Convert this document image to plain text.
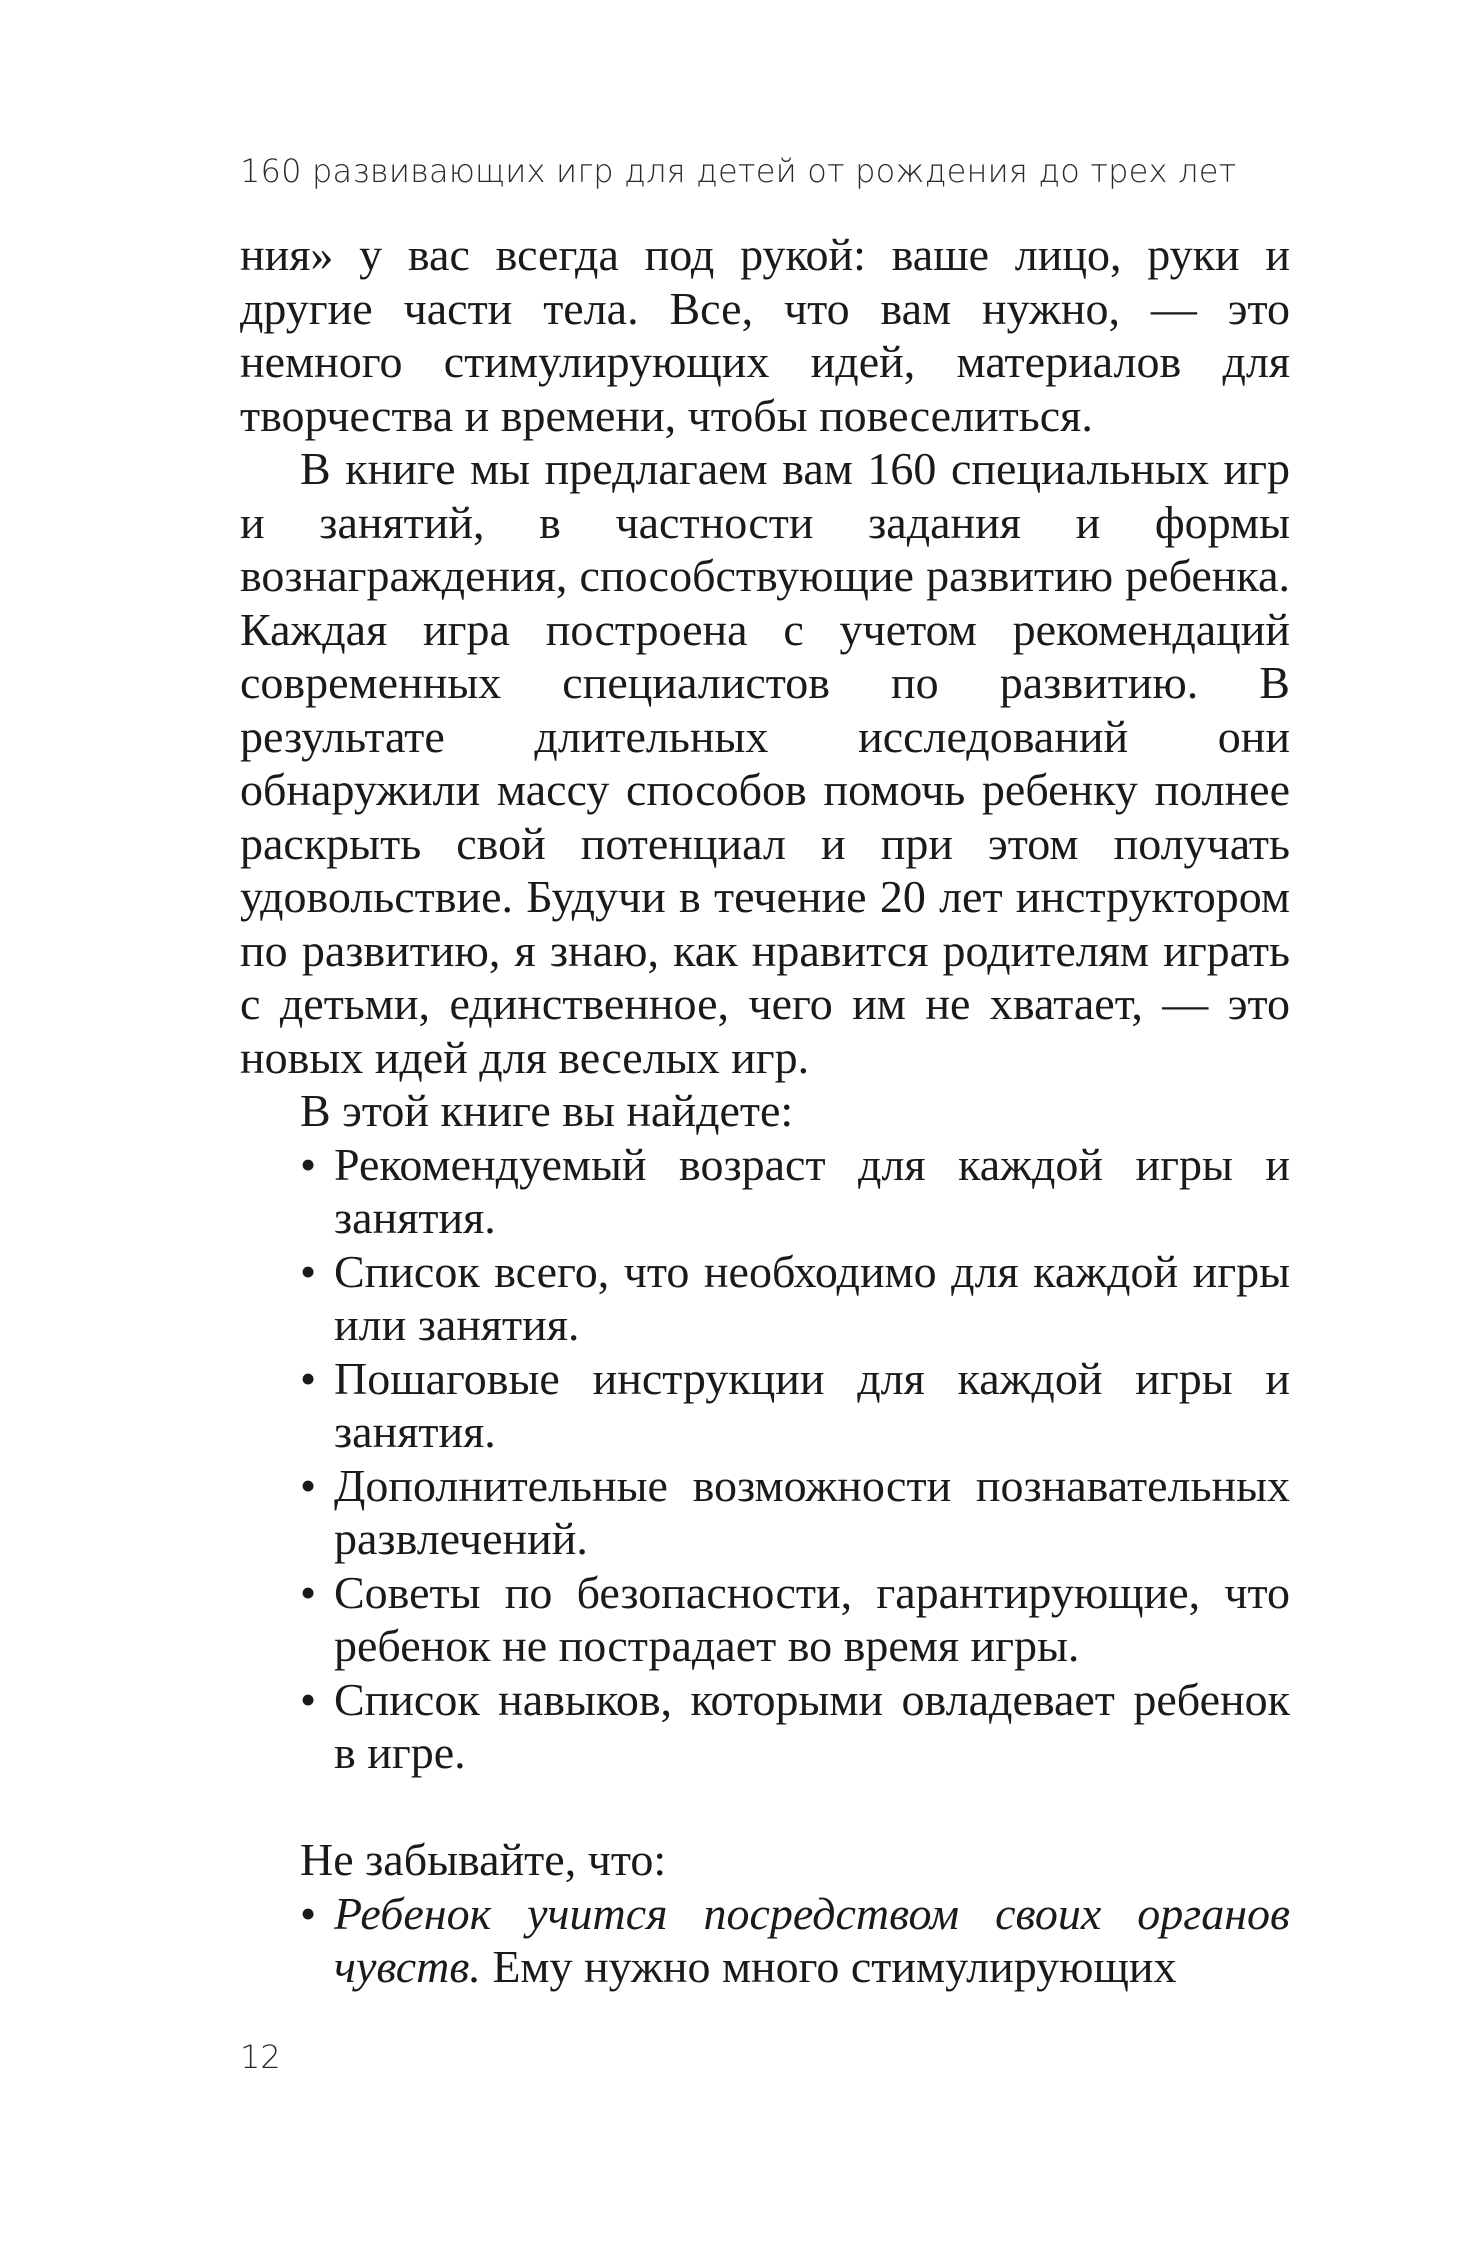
160 развивающих игр для детей от рождения до трех лет

ния» у вас всегда под рукой: ваше лицо, руки и другие части тела. Все, что вам нужно, — это немного стимулирующих идей, материалов для творчества и времени, чтобы повеселиться.

В книге мы предлагаем вам 160 специальных игр и занятий, в частности задания и формы вознаграждения, способствующие развитию ребенка. Каждая игра построена с учетом рекомендаций современных специалистов по развитию. В результате длительных исследований они обнаружили массу способов помочь ребенку полнее раскрыть свой потенциал и при этом получать удовольствие. Будучи в течение 20 лет инструктором по развитию, я знаю, как нравится родителям играть с детьми, единственное, чего им не хватает, — это новых идей для веселых игр.

В этой книге вы найдете:

• Рекомендуемый возраст для каждой игры и занятия.
• Список всего, что необходимо для каждой игры или занятия.
• Пошаговые инструкции для каждой игры и занятия.
• Дополнительные возможности познавательных развлечений.
• Советы по безопасности, гарантирующие, что ребенок не пострадает во время игры.
• Список навыков, которыми овладевает ребенок в игре.

Не забывайте, что:

• Ребенок учится посредством своих органов чувств. Ему нужно много стимулирующих
12
